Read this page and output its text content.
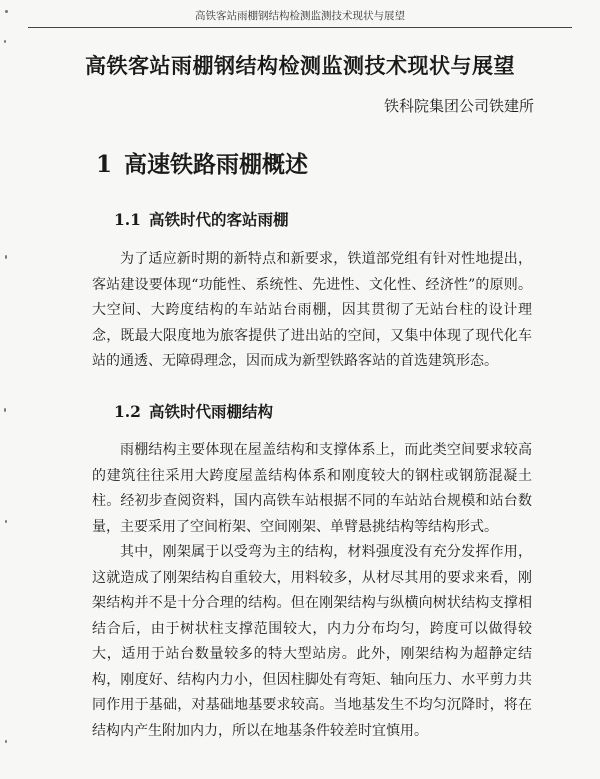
高铁客站雨棚钢结构检测监测技术现状与展望
高铁客站雨棚钢结构检测监测技术现状与展望
铁科院集团公司铁建所
1 高速铁路雨棚概述
1.1 高铁时代的客站雨棚

为了适应新时期的新特点和新要求，铁道部党组有针对性地提出，客站建设要体现“功能性、系统性、先进性、文化性、经济性”的原则。大空间、大跨度结构的车站站台雨棚，因其贯彻了无站台柱的设计理念，既最大限度地为旅客提供了进出站的空间，又集中体现了现代化车站的通透、无障碍理念，因而成为新型铁路客站的首选建筑形态。

1.2 高铁时代雨棚结构

雨棚结构主要体现在屋盖结构和支撑体系上，而此类空间要求较高的建筑往往采用大跨度屋盖结构体系和刚度较大的钢柱或钢筋混凝土柱。经初步查阅资料，国内高铁车站根据不同的车站站台规模和站台数量，主要采用了空间桁架、空间刚架、单臂悬挑结构等结构形式。

其中，刚架属于以受弯为主的结构，材料强度没有充分发挥作用，这就造成了刚架结构自重较大，用料较多，从材尽其用的要求来看，刚架结构并不是十分合理的结构。但在刚架结构与纵横向树状结构支撑相结合后，由于树状柱支撑范围较大，内力分布均匀，跨度可以做得较大，适用于站台数量较多的特大型站房。此外，刚架结构为超静定结构，刚度好、结构内力小，但因柱脚处有弯矩、轴向压力、水平剪力共同作用于基础，对基础地基要求较高。当地基发生不均匀沉降时，将在结构内产生附加内力，所以在地基条件较差时宜慎用。
